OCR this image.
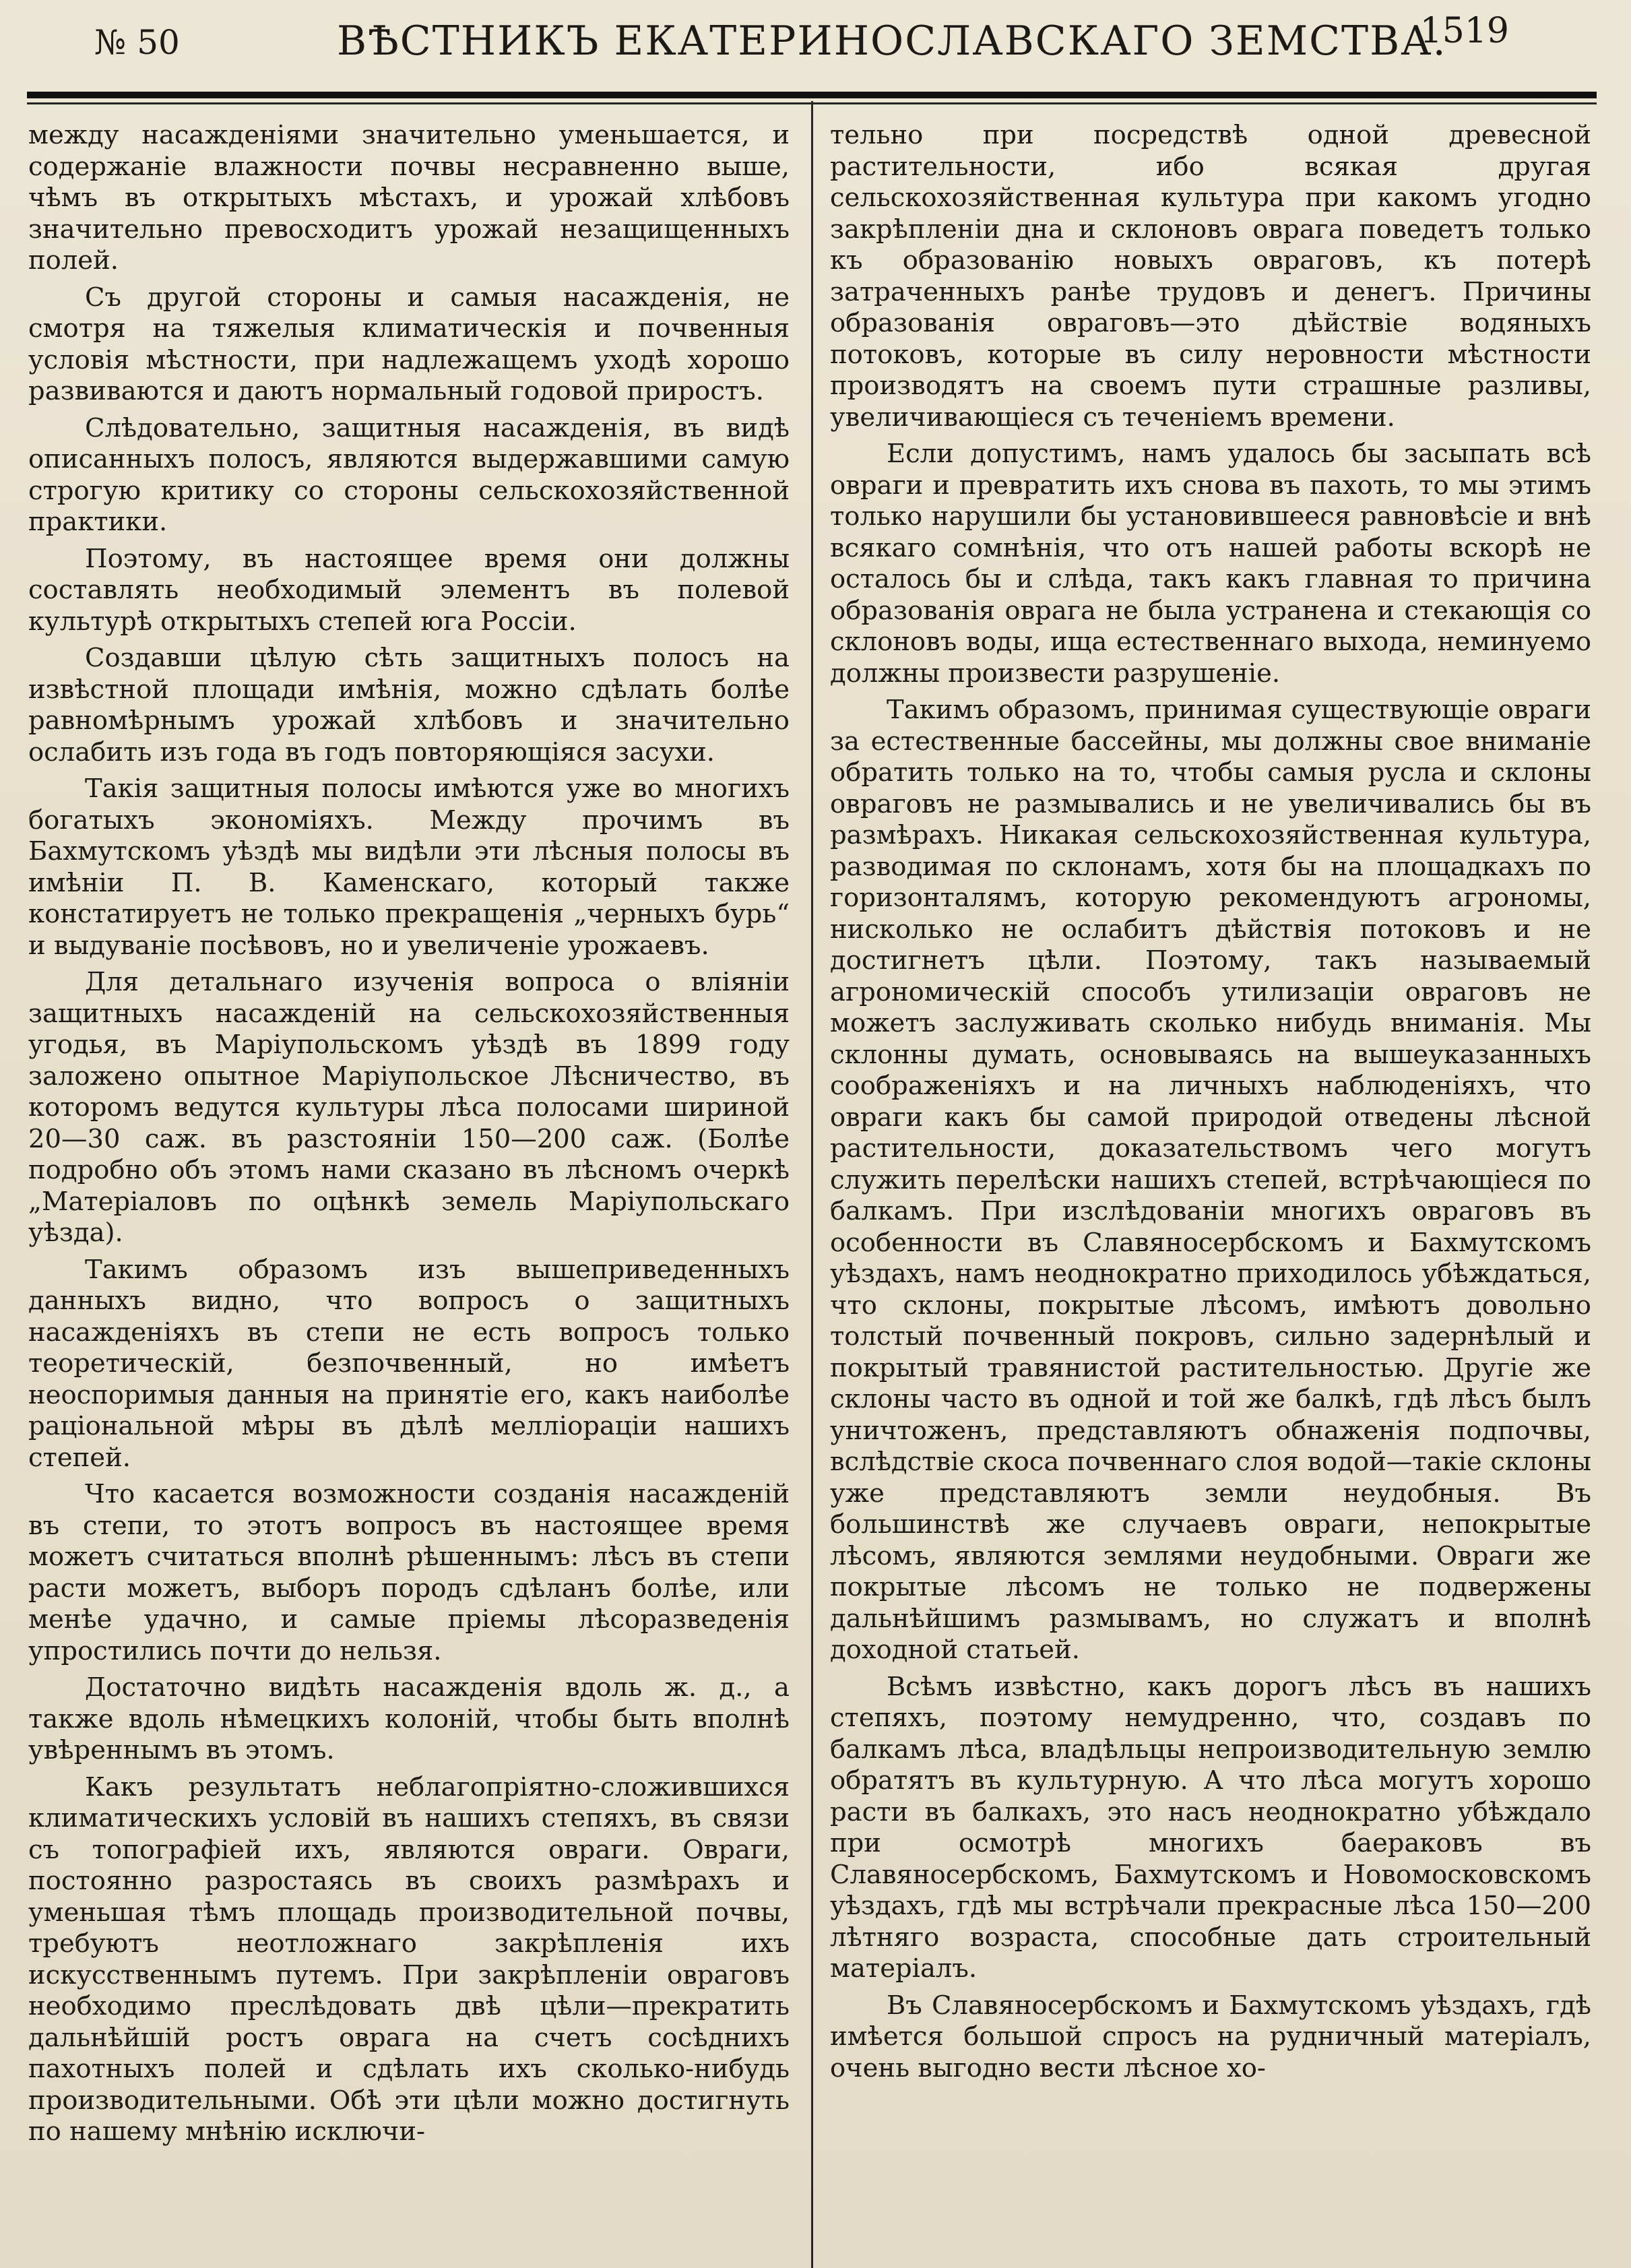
№ 50	ВѢСТНИКЪ ЕКАТЕРИНОСЛАВСКАГО ЗЕМСТВА.
1519

между насажденіями значительно уменьшается, и содержаніе влажности почвы несравненно выше, чѣмъ въ открытыхъ мѣстахъ, и урожай хлѣбовъ значительно превосходитъ урожай незащищенныхъ полей.

Съ другой стороны и самыя насажденія, не смотря на тяжелыя климатическія и почвенныя условія мѣстности, при надлежащемъ уходѣ хорошо развиваются и даютъ нормальный годовой приростъ.

Слѣдовательно, защитныя насажденія, въ видѣ описанныхъ полосъ, являются выдержавшими самую строгую критику со стороны сельскохозяйственной практики.

Поэтому, въ настоящее время они должны составлять необходимый элементъ въ полевой культурѣ открытыхъ степей юга Россіи.

Создавши цѣлую сѣть защитныхъ полосъ на извѣстной площади имѣнія, можно сдѣлать болѣе равномѣрнымъ урожай хлѣбовъ и значительно ослабить изъ года въ годъ повторяющіяся засухи.

Такія защитныя полосы имѣются уже во многихъ богатыхъ экономіяхъ. Между прочимъ въ Бахмутскомъ уѣздѣ мы видѣли эти лѣсныя полосы въ имѣніи П. В. Каменскаго, который также констатируетъ не только прекращенія „черныхъ бурь“ и выдуваніе посѣвовъ, но и увеличеніе урожаевъ.

Для детальнаго изученія вопроса о вліяніи защитныхъ насажденій на сельскохозяйственныя угодья, въ Маріупольскомъ уѣздѣ въ 1899 году заложено опытное Маріупольское Лѣсничество, въ которомъ ведутся культуры лѣса полосами шириной 20—30 саж. въ разстояніи 150—200 саж. (Болѣе подробно объ этомъ нами сказано въ лѣсномъ очеркѣ „Матеріаловъ по оцѣнкѣ земель Маріупольскаго уѣзда).

Такимъ образомъ изъ вышеприведенныхъ данныхъ видно, что вопросъ о защитныхъ насажденіяхъ въ степи не есть вопросъ только теоретическій, безпочвенный, но имѣетъ неоспоримыя данныя на принятіе его, какъ наиболѣе раціональной мѣры въ дѣлѣ мелліораціи нашихъ степей.

Что касается возможности созданія насажденій въ степи, то этотъ вопросъ въ настоящее время можетъ считаться вполнѣ рѣшеннымъ: лѣсъ въ степи расти можетъ, выборъ породъ сдѣланъ болѣе, или менѣе удачно, и самые пріемы лѣсоразведенія упростились почти до нельзя.

Достаточно видѣть насажденія вдоль ж. д., а также вдоль нѣмецкихъ колоній, чтобы быть вполнѣ увѣреннымъ въ этомъ.

Какъ результатъ неблагопріятно-сложившихся климатическихъ условій въ нашихъ степяхъ, въ связи съ топографіей ихъ, являются овраги. Овраги, постоянно разростаясь въ своихъ размѣрахъ и уменьшая тѣмъ площадь производительной почвы, требуютъ неотложнаго закрѣпленія ихъ искусственнымъ путемъ. При закрѣпленіи овраговъ необходимо преслѣдовать двѣ цѣли—прекратить дальнѣйшій ростъ оврага на счетъ сосѣднихъ пахотныхъ полей и сдѣлать ихъ сколько-нибудь производительными. Обѣ эти цѣли можно достигнуть по нашему мнѣнію исключи-

тельно при посредствѣ одной древесной растительности, ибо всякая другая сельскохозяйственная культура при какомъ угодно закрѣпленіи дна и склоновъ оврага поведетъ только къ образованію новыхъ овраговъ, къ потерѣ затраченныхъ ранѣе трудовъ и денегъ. Причины образованія овраговъ—это дѣйствіе водяныхъ потоковъ, которые въ силу неровности мѣстности производятъ на своемъ пути страшные разливы, увеличивающіеся съ теченіемъ времени.

Если допустимъ, намъ удалось бы засыпать всѣ овраги и превратить ихъ снова въ пахоть, то мы этимъ только нарушили бы установившееся равновѣсіе и внѣ всякаго сомнѣнія, что отъ нашей работы вскорѣ не осталось бы и слѣда, такъ какъ главная то причина образованія оврага не была устранена и стекающія со склоновъ воды, ища естественнаго выхода, неминуемо должны произвести разрушеніе.

Такимъ образомъ, принимая существующіе овраги за естественные бассейны, мы должны свое вниманіе обратить только на то, чтобы самыя русла и склоны овраговъ не размывались и не увеличивались бы въ размѣрахъ. Никакая сельскохозяйственная культура, разводимая по склонамъ, хотя бы на площадкахъ по горизонталямъ, которую рекомендуютъ агрономы, нисколько не ослабитъ дѣйствія потоковъ и не достигнетъ цѣли. Поэтому, такъ называемый агрономическій способъ утилизаціи овраговъ не можетъ заслуживать сколько нибудь вниманія. Мы склонны думать, основываясь на вышеуказанныхъ соображеніяхъ и на личныхъ наблюденіяхъ, что овраги какъ бы самой природой отведены лѣсной растительности, доказательствомъ чего могутъ служить перелѣски нашихъ степей, встрѣчающіеся по балкамъ. При изслѣдованіи многихъ овраговъ въ особенности въ Славяносербскомъ и Бахмутскомъ уѣздахъ, намъ неоднократно приходилось убѣждаться, что склоны, покрытые лѣсомъ, имѣютъ довольно толстый почвенный покровъ, сильно задернѣлый и покрытый травянистой растительностью. Другіе же склоны часто въ одной и той же балкѣ, гдѣ лѣсъ былъ уничтоженъ, представляютъ обнаженія подпочвы, вслѣдствіе скоса почвеннаго слоя водой—такіе склоны уже представляютъ земли неудобныя. Въ большинствѣ же случаевъ овраги, непокрытые лѣсомъ, являются землями неудобными. Овраги же покрытые лѣсомъ не только не подвержены дальнѣйшимъ размывамъ, но служатъ и вполнѣ доходной статьей.

Всѣмъ извѣстно, какъ дорогъ лѣсъ въ нашихъ степяхъ, поэтому немудренно, что, создавъ по балкамъ лѣса, владѣльцы непроизводительную землю обратятъ въ культурную. А что лѣса могутъ хорошо расти въ балкахъ, это насъ неоднократно убѣждало при осмотрѣ многихъ баераковъ въ Славяносербскомъ, Бахмутскомъ и Новомосковскомъ уѣздахъ, гдѣ мы встрѣчали прекрасные лѣса 150—200 лѣтняго возраста, способные дать строительный матеріалъ.

Въ Славяносербскомъ и Бахмутскомъ уѣздахъ, гдѣ имѣется большой спросъ на рудничный матеріалъ, очень выгодно вести лѣсное хо-
